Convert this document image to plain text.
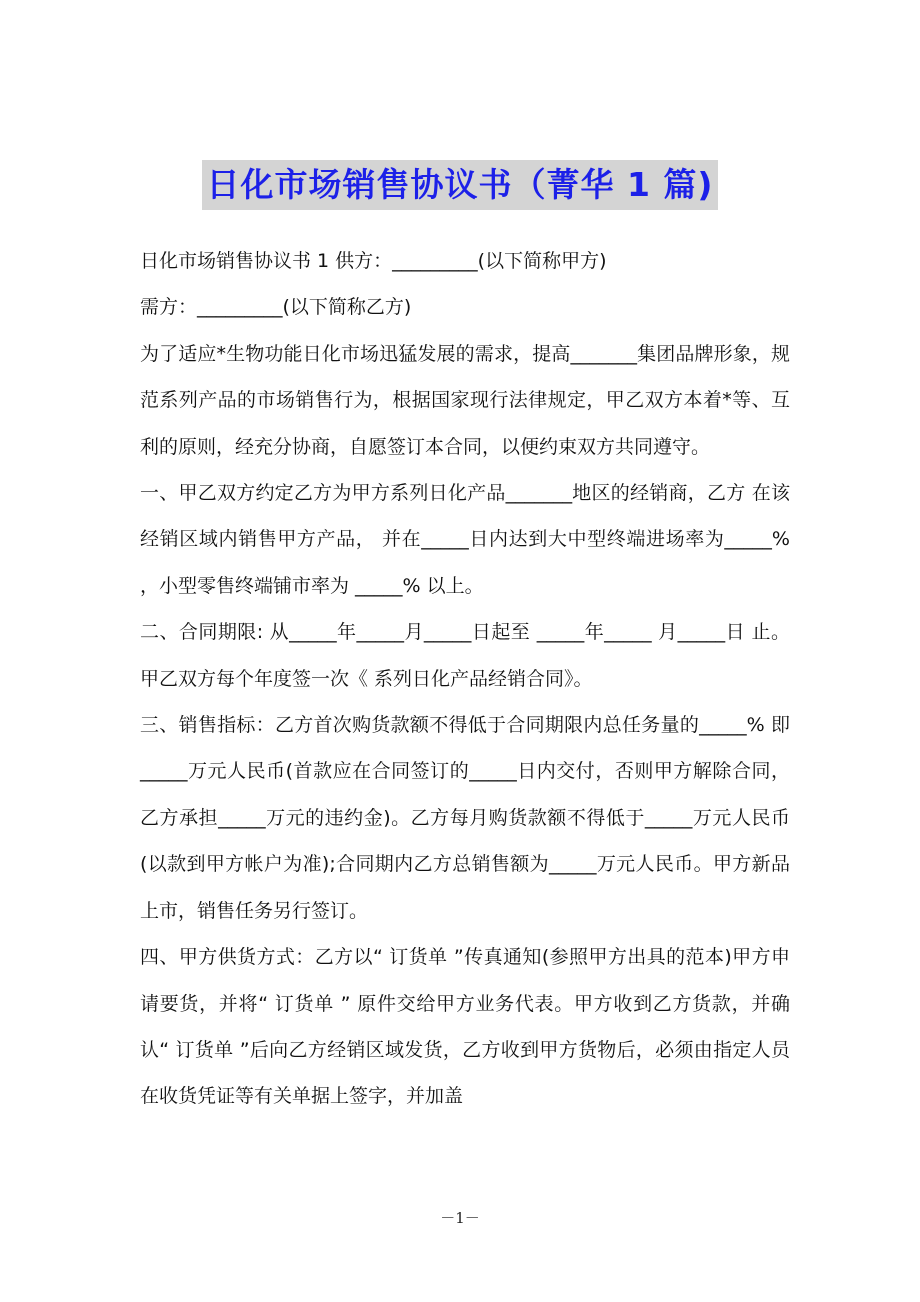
日化市场销售协议书（菁华 1 篇)

日化市场销售协议书 1 供方：_________(以下简称甲方)

需方：_________(以下简称乙方)

为了适应*生物功能日化市场迅猛发展的需求，提高_______集团品牌形象，规范系列产品的市场销售行为，根据国家现行法律规定，甲乙双方本着*等、互利的原则，经充分协商，自愿签订本合同，以便约束双方共同遵守。

一、甲乙双方约定乙方为甲方系列日化产品_______地区的经销商，乙方 在该经销区域内销售甲方产品， 并在_____日内达到大中型终端进场率为_____% ，小型零售终端铺市率为 _____% 以上。

二、合同期限: 从_____年_____月_____日起至 _____年_____ 月_____日 止。甲乙双方每个年度签一次《 系列日化产品经销合同》。

三、销售指标：乙方首次购货款额不得低于合同期限内总任务量的_____% 即_____万元人民币(首款应在合同签订的_____日内交付，否则甲方解除合同，乙方承担_____万元的违约金)。乙方每月购货款额不得低于_____万元人民币(以款到甲方帐户为准);合同期内乙方总销售额为_____万元人民币。甲方新品上市，销售任务另行签订。

四、甲方供货方式：乙方以“ 订货单 ”传真通知(参照甲方出具的范本)甲方申请要货，并将“ 订货单 ” 原件交给甲方业务代表。甲方收到乙方货款，并确认“ 订货单 ”后向乙方经销区域发货，乙方收到甲方货物后，必须由指定人员在收货凭证等有关单据上签字，并加盖

－1－
